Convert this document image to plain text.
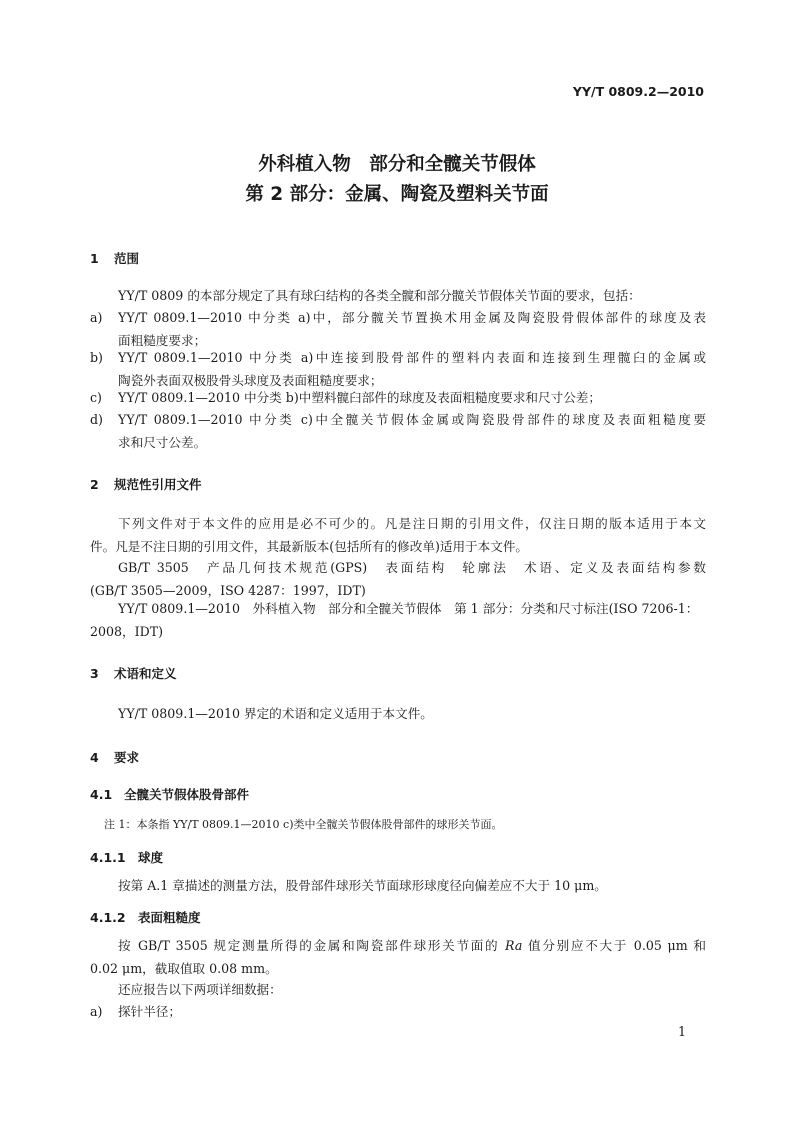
YY/T 0809.2—2010
外科植入物　部分和全髋关节假体
第 2 部分：金属、陶瓷及塑料关节面
1 范围
YY/T 0809 的本部分规定了具有球臼结构的各类全髋和部分髋关节假体关节面的要求，包括：
a) YY/T 0809.1—2010 中分类 a)中，部分髋关节置换术用金属及陶瓷股骨假体部件的球度及表
面粗糙度要求；
b) YY/T 0809.1—2010 中分类 a)中连接到股骨部件的塑料内表面和连接到生理髋臼的金属或
陶瓷外表面双极股骨头球度及表面粗糙度要求；
c) YY/T 0809.1—2010 中分类 b)中塑料髋臼部件的球度及表面粗糙度要求和尺寸公差；
d) YY/T 0809.1—2010 中分类 c)中全髋关节假体金属或陶瓷股骨部件的球度及表面粗糙度要
求和尺寸公差。
2 规范性引用文件
下列文件对于本文件的应用是必不可少的。凡是注日期的引用文件，仅注日期的版本适用于本文
件。凡是不注日期的引用文件，其最新版本(包括所有的修改单)适用于本文件。
GB/T 3505　产品几何技术规范(GPS)　表面结构　轮廓法　术语、定义及表面结构参数
(GB/T 3505—2009，ISO 4287：1997，IDT)
YY/T 0809.1—2010　外科植入物　部分和全髋关节假体　第 1 部分：分类和尺寸标注(ISO 7206-1：
2008，IDT)
3 术语和定义
YY/T 0809.1—2010 界定的术语和定义适用于本文件。
4 要求
4.1 全髋关节假体股骨部件
注 1：本条指 YY/T 0809.1—2010 c)类中全髋关节假体股骨部件的球形关节面。
4.1.1 球度
按第 A.1 章描述的测量方法，股骨部件球形关节面球形球度径向偏差应不大于 10 μm。
4.1.2 表面粗糙度
按 GB/T 3505 规定测量所得的金属和陶瓷部件球形关节面的 Ra 值分别应不大于 0.05 μm 和
0.02 μm，截取值取 0.08 mm。
还应报告以下两项详细数据：
a) 探针半径；
1
